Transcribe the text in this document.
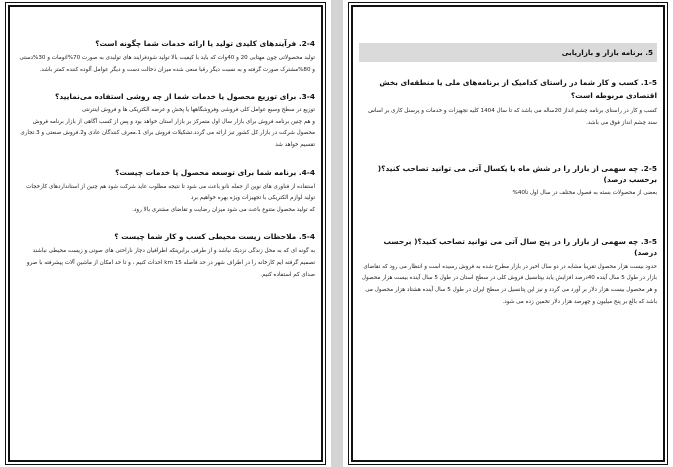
2-4. فرآیندهای کلیدی تولید یا ارائه خدمات شما چگونه است؟

تولید محصولاتی چون مهتابی 20 و 40وات که باید با کیفیت بالا تولید شودفرایند های تولیدی به صورت 70%اتومات و 30%دستی و 80%مشترک صورت گرفته و به نسبت دیگر رقبا سعی شده میزان دخالت دست و دیگر عوامل آلوده کننده کمتر باشد.

3-4. برای توزیع محصول یا خدمات شما از چه روشی استفاده می‌نمایید؟

توزیع در سطح وسیع عوامل کلی فروشی وفروشگاهها یا پخش و عرضه الکتریکی ها و فروش اینترنتی

و هم چنین برنامه فروش برای بازار سال اول متمرکز بر بازار استان خواهد بود و پس از کسب آگاهی از بازار برنامه فروش محصول شرکت در بازار کل کشور تبز ارائه می گردد.تشکیلات فروش برای 1.معرف کنندگان عادی و2.فروش صنعتی و 3.تجاری تقسیم خواهد شد

4-4. برنامه شما برای توسعه محصول یا خدمات چیست؟

استفاده از فناوری های نوین از جمله نانو باعث می شود تا نتیجه مطلوب عاید شرکت شود هم چنین از استانداردهای کارخجات تولید لوازم الکتریکی با تجهیزات ویژه بهره خواهیم برد

که تولید محصول متنوع باعث می شود میزان رضایت و تقاضای مشتری بالا رود.

5-4. ملاحظات زیست محیطی کسب و کار شما چیست ؟

به گونه ای که به محل زندگی نزدیک نباشد و از طرفی برابرینکه اطرافیان دچار ناراحتی های صوتی و زیست محیطی نباشند تصمیم گرفته ایم کارخانه را در اطراف شهر در حد فاصله 15 km احداث کنیم ، و تا حد امکان از ماشین آلات پیشرفته با صرو صدای کم استفاده کنیم.

5. برنامه بازار و بازاریابی

1-5. کسب و کار شما در راستای کدامیک از برنامه‌های ملی یا منطقه‌ای بخش اقتصادی مربوطه است؟

کسب و کار در راستای برنامه چشم انداز 20ساله می باشد که تا سال 1404 کلیه تجهیزات و خدمات و پرسنل کاری بر اساس سند چشم انداز فوق می باشد.

2-5. چه سهمی از بازار را در شش ماه یا یکسال آتی می توانید تصاحب کنید؟( برحسب درصد)

بعضی از محصولات بسته به فصول مختلف در سال اول تا40%

3-5. چه سهمی از بازار را در پنج سال آتی می توانید تصاحب کنید؟( برحسب درصد)

حدود بیست هزار محصول تقریبا مشابه در دو سال اخیر در بازار مطرح شده به فروش رسیده است و انتظار می رود که تقاضای بازار در طول 5 سال آینده 40درصد افزایش یابد بپتانسیل فروش کلی در سطح استان در طول 5 سال آینده بیست هزار محصول و هر محصول بیست هزار دلار بر آورد می گردد و نیز این پتانسیل در سطح ایران در طول 5 سال آینده هشتاد هزار محصول می باشد که بالغ بر پنج میلیون و چهرصد هزار دلار تخمین زده می شود.
